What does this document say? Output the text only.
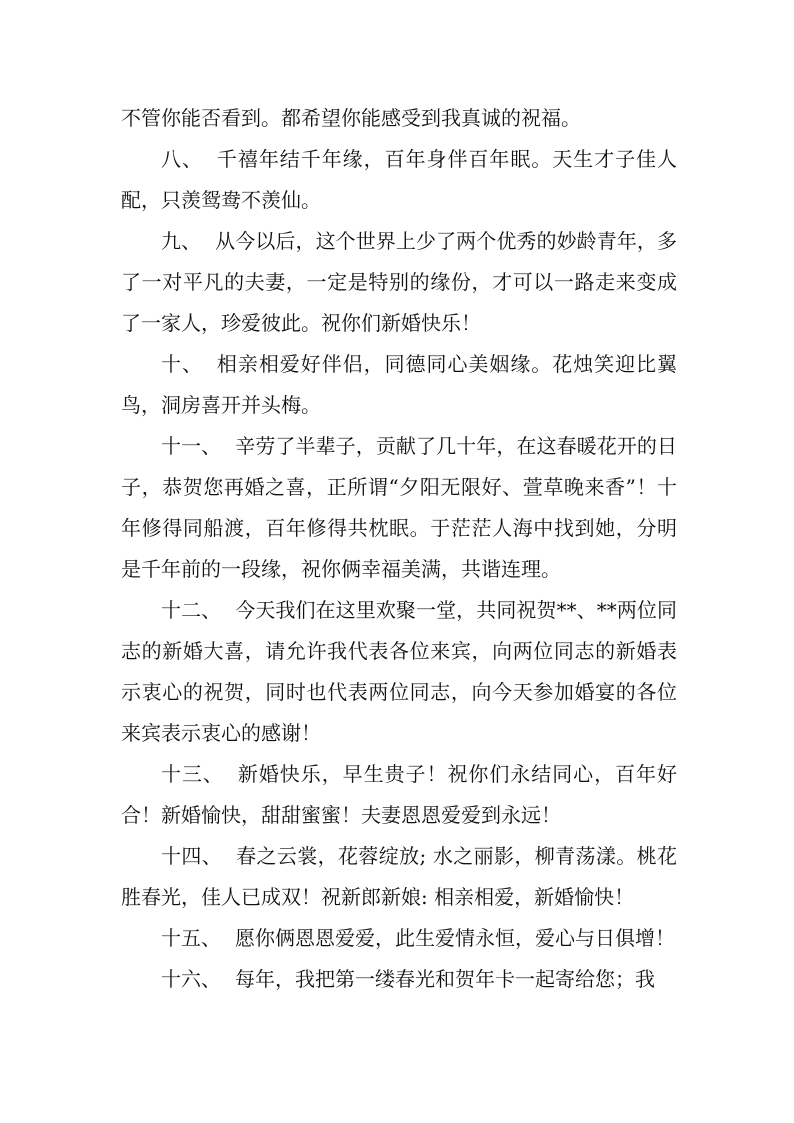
不管你能否看到。都希望你能感受到我真诚的祝福。

八、 千禧年结千年缘，百年身伴百年眠。天生才子佳人配，只羡鸳鸯不羡仙。

九、 从今以后，这个世界上少了两个优秀的妙龄青年，多了一对平凡的夫妻，一定是特别的缘份，才可以一路走来变成了一家人，珍爱彼此。祝你们新婚快乐！

十、 相亲相爱好伴侣，同德同心美姻缘。花烛笑迎比翼鸟，洞房喜开并头梅。

十一、 辛劳了半辈子，贡献了几十年，在这春暖花开的日子，恭贺您再婚之喜，正所谓“夕阳无限好、萱草晚来香”！十年修得同船渡，百年修得共枕眠。于茫茫人海中找到她，分明是千年前的一段缘，祝你俩幸福美满，共谐连理。

十二、 今天我们在这里欢聚一堂，共同祝贺**、**两位同志的新婚大喜，请允许我代表各位来宾，向两位同志的新婚表示衷心的祝贺，同时也代表两位同志，向今天参加婚宴的各位来宾表示衷心的感谢！

十三、 新婚快乐，早生贵子！祝你们永结同心，百年好合！新婚愉快，甜甜蜜蜜！夫妻恩恩爱爱到永远！

十四、 春之云裳，花蓉绽放; 水之丽影，柳青荡漾。桃花胜春光，佳人已成双！祝新郎新娘: 相亲相爱，新婚愉快！

十五、 愿你俩恩恩爱爱，此生爱情永恒，爱心与日俱增！

十六、 每年，我把第一缕春光和贺年卡一起寄给您；我
